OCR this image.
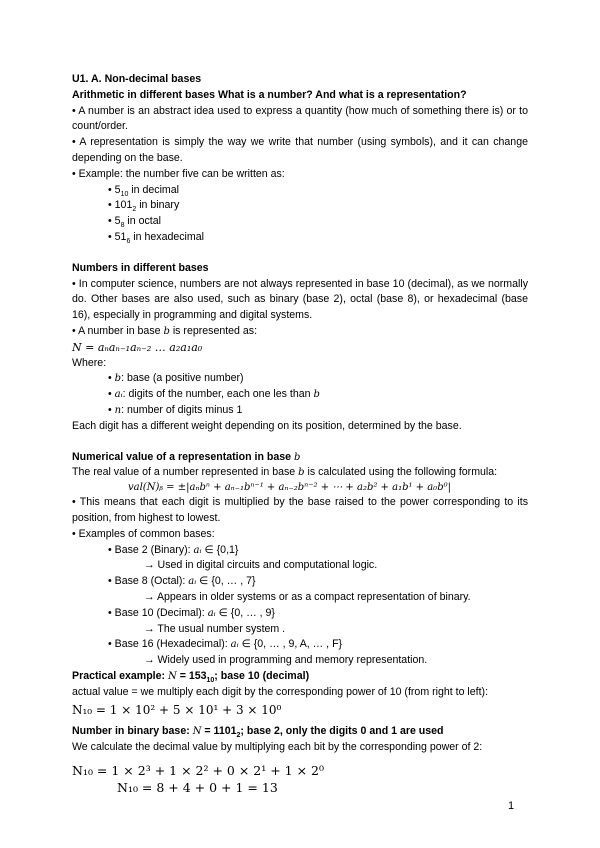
U1. A. Non-decimal bases

Arithmetic in different bases What is a number? And what is a representation?

• A number is an abstract idea used to express a quantity (how much of something there is) or to count/order.

• A representation is simply the way we write that number (using symbols), and it can change depending on the base.

• Example: the number five can be written as:

• $5_{10}$ in decimal

• $101_2$ in binary

• $5_8$ in octal

• $51_6$ in hexadecimal

Numbers in different bases

• In computer science, numbers are not always represented in base 10 (decimal), as we normally do. Other bases are also used, such as binary (base 2), octal (base 8), or hexadecimal (base 16), especially in programming and digital systems.

• A number in base b is represented as:

N = aₙaₙ₋₁aₙ₋₂ … a₂a₁a₀

Where:

• b: base (a positive number)

• aᵢ: digits of the number, each one les than b

• n: number of digits minus 1

Each digit has a different weight depending on its position, determined by the base.

Numerical value of a representation in base b

The real value of a number represented in base b is calculated using the following formula:

val(N)ᵦ = ±|aₙbⁿ + aₙ₋₁bⁿ⁻¹ + aₙ₋₂bⁿ⁻² + ⋯ + a₂b² + a₁b¹ + a₀b⁰|

• This means that each digit is multiplied by the base raised to the power corresponding to its position, from highest to lowest.

• Examples of common bases:

• Base 2 (Binary): aᵢ ∈ {0,1}

→ Used in digital circuits and computational logic.

• Base 8 (Octal): aᵢ ∈ {0, … , 7}

→ Appears in older systems or as a compact representation of binary.

• Base 10 (Decimal): aᵢ ∈ {0, … , 9}

→ The usual number system .

• Base 16 (Hexadecimal): aᵢ ∈ {0, … , 9, A, … , F}

→ Widely used in programming and memory representation.

Practical example: $N = 153_{10}$; base 10 (decimal)

actual value = we multiply each digit by the corresponding power of 10 (from right to left):

N₁₀ = 1 × 10² + 5 × 10¹ + 3 × 10⁰

Number in binary base: $N = 1101_2$; base 2, only the digits 0 and 1 are used

We calculate the decimal value by multiplying each bit by the corresponding power of 2:

N₁₀ = 1 × 2³ + 1 × 2² + 0 × 2¹ + 1 × 2⁰

N₁₀ = 8 + 4 + 0 + 1 = 13

1
